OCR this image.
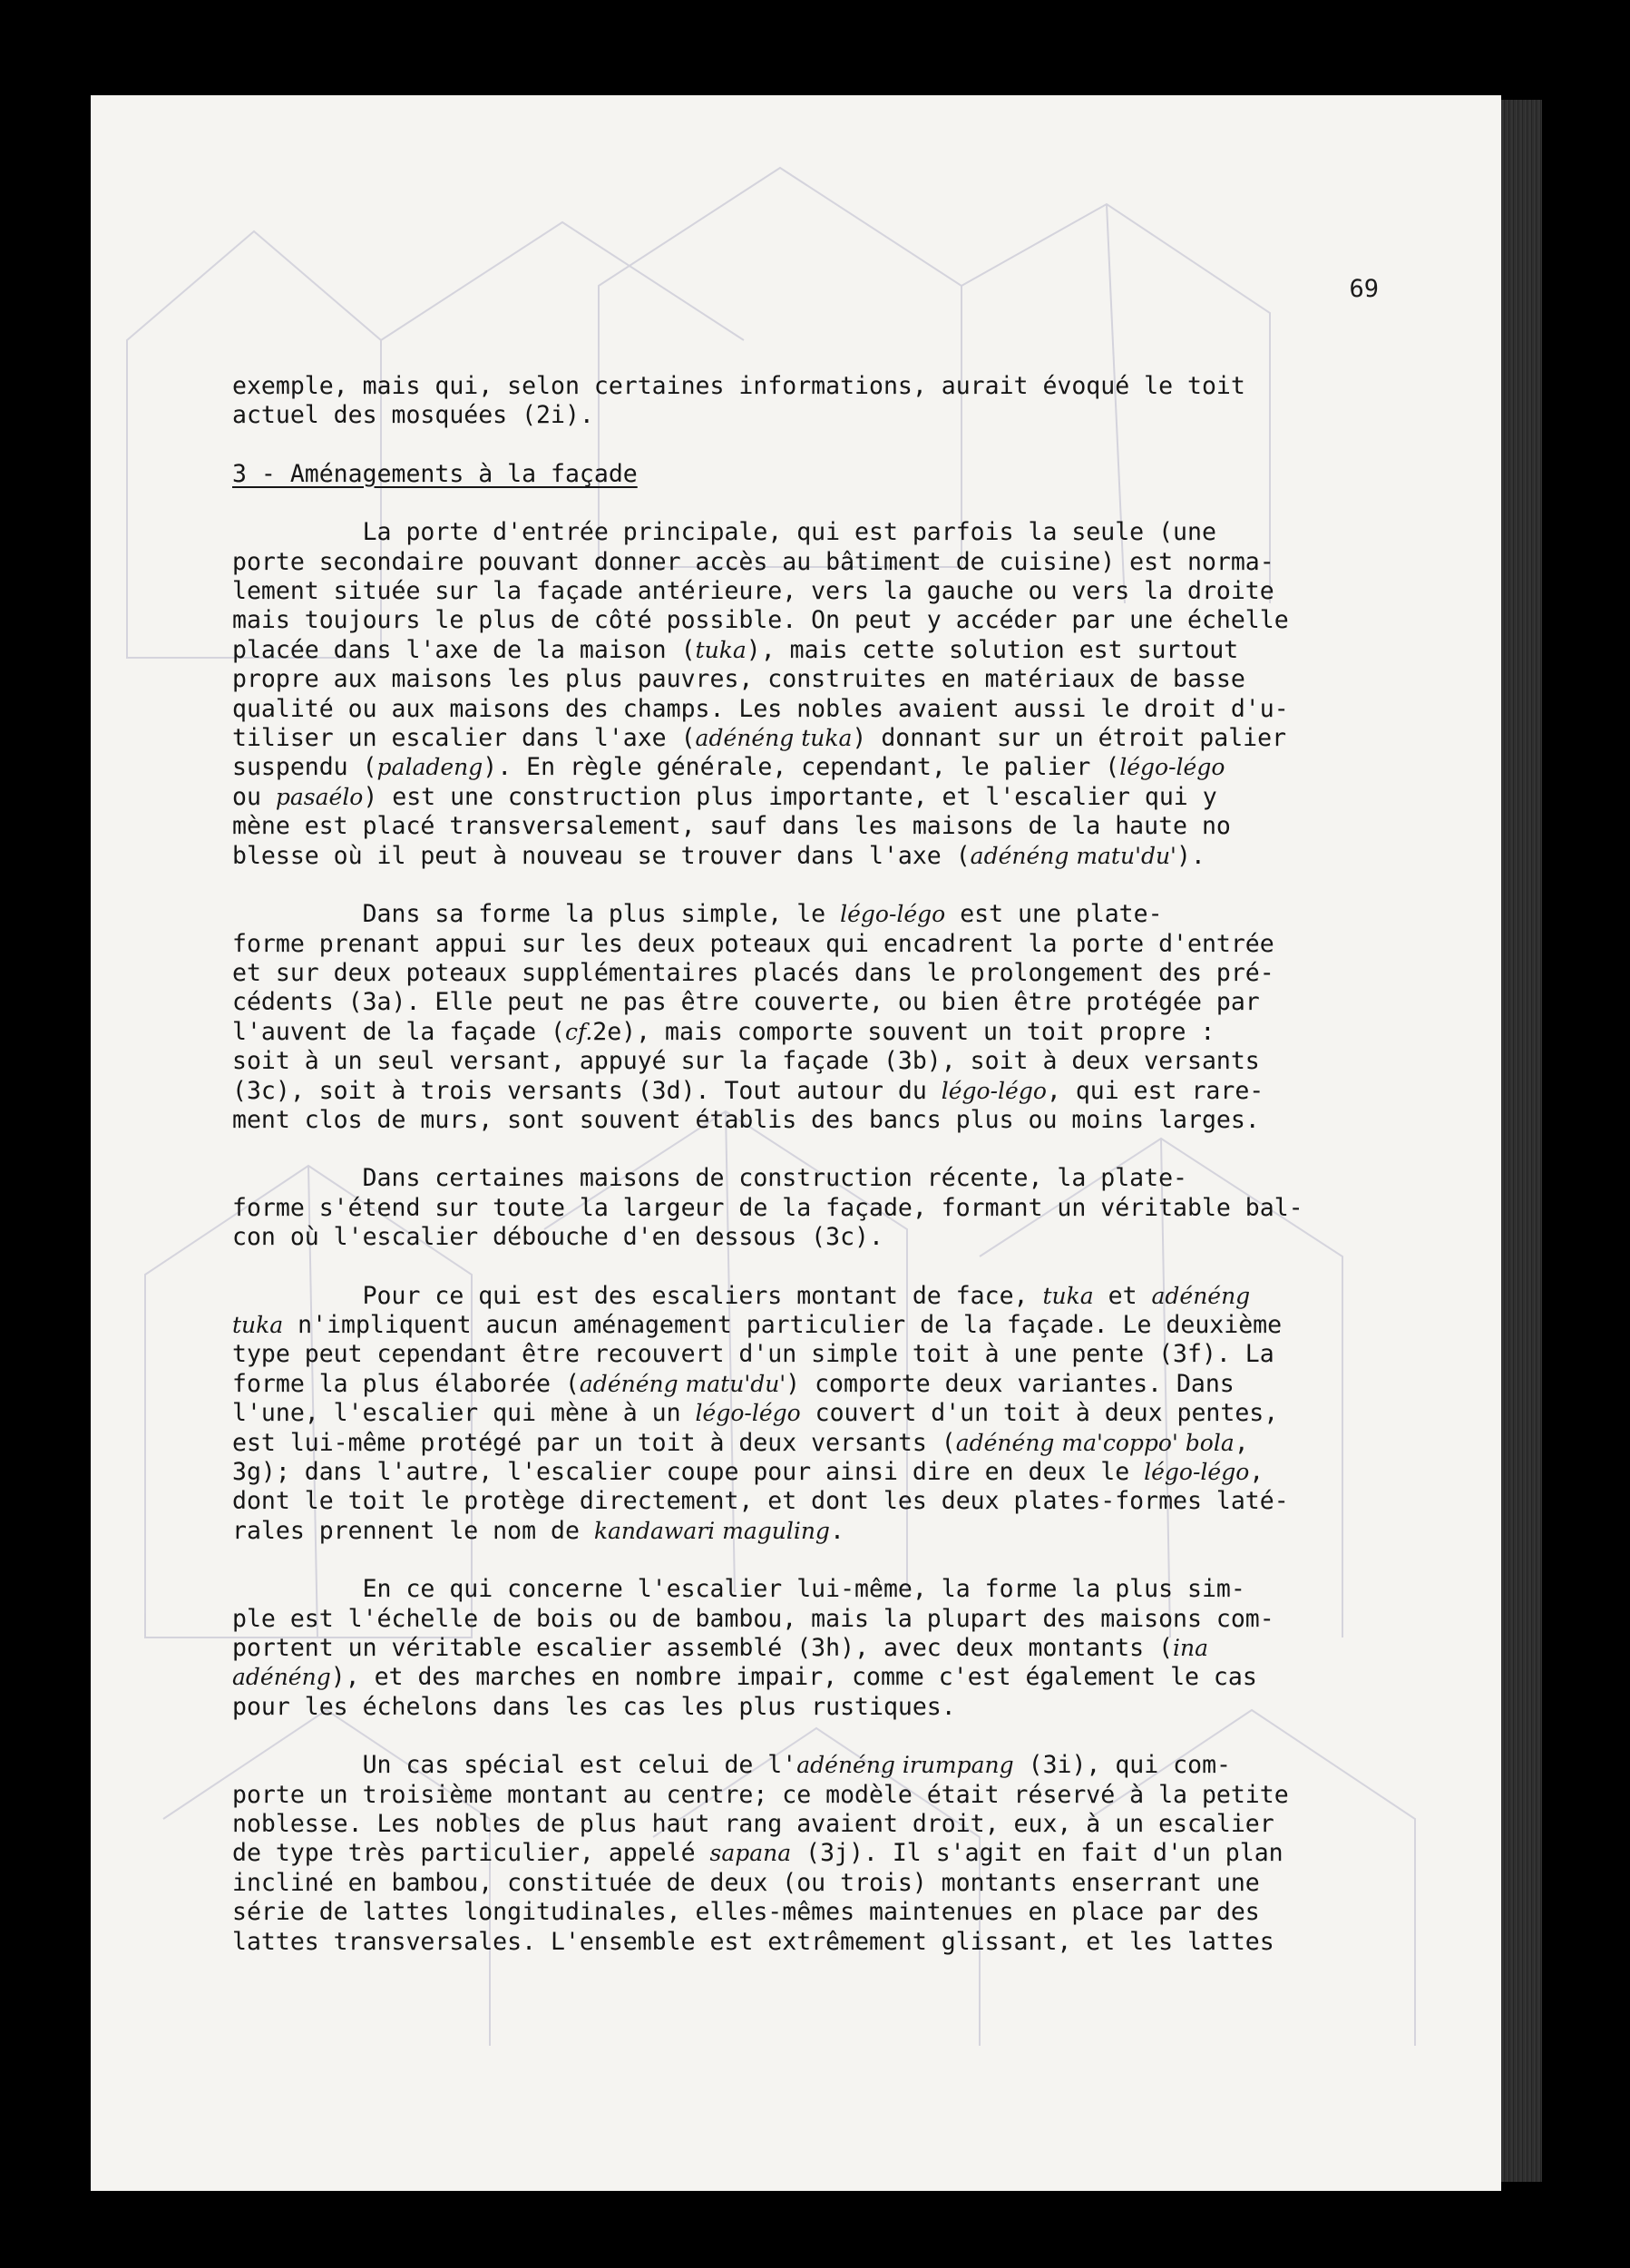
69

exemple, mais qui, selon certaines informations, aurait évoqué le toit

actuel des mosquées (2i).

3 - Aménagements à la façade

La porte d'entrée principale, qui est parfois la seule (une

porte secondaire pouvant donner accès au bâtiment de cuisine) est norma-

lement située sur la façade antérieure, vers la gauche ou vers la droite

mais toujours le plus de côté possible. On peut y accéder par une échelle

placée dans l'axe de la maison (tuka), mais cette solution est surtout

propre aux maisons les plus pauvres, construites en matériaux de basse

qualité ou aux maisons des champs. Les nobles avaient aussi le droit d'u-

tiliser un escalier dans l'axe (adénéng tuka) donnant sur un étroit palier

suspendu (paladeng). En règle générale, cependant, le palier (légo-légo

ou pasaélo) est une construction plus importante, et l'escalier qui y

mène est placé transversalement, sauf dans les maisons de la haute no

blesse où il peut à nouveau se trouver dans l'axe (adénéng matu'du').

Dans sa forme la plus simple, le légo-légo est une plate-

forme prenant appui sur les deux poteaux qui encadrent la porte d'entrée

et sur deux poteaux supplémentaires placés dans le prolongement des pré-

cédents (3a). Elle peut ne pas être couverte, ou bien être protégée par

l'auvent de la façade (cf.2e), mais comporte souvent un toit propre :

soit à un seul versant, appuyé sur la façade (3b), soit à deux versants

(3c), soit à trois versants (3d). Tout autour du légo-légo, qui est rare-

ment clos de murs, sont souvent établis des bancs plus ou moins larges.

Dans certaines maisons de construction récente, la plate-

forme s'étend sur toute la largeur de la façade, formant un véritable bal-

con où l'escalier débouche d'en dessous (3c).

Pour ce qui est des escaliers montant de face, tuka et adénéng

tuka n'impliquent aucun aménagement particulier de la façade. Le deuxième

type peut cependant être recouvert d'un simple toit à une pente (3f). La

forme la plus élaborée (adénéng matu'du') comporte deux variantes. Dans

l'une, l'escalier qui mène à un légo-légo couvert d'un toit à deux pentes,

est lui-même protégé par un toit à deux versants (adénéng ma'coppo' bola,

3g); dans l'autre, l'escalier coupe pour ainsi dire en deux le légo-légo,

dont le toit le protège directement, et dont les deux plates-formes laté-

rales prennent le nom de kandawari maguling.

En ce qui concerne l'escalier lui-même, la forme la plus sim-

ple est l'échelle de bois ou de bambou, mais la plupart des maisons com-

portent un véritable escalier assemblé (3h), avec deux montants (ina

adénéng), et des marches en nombre impair, comme c'est également le cas

pour les échelons dans les cas les plus rustiques.

Un cas spécial est celui de l'adénéng irumpang (3i), qui com-

porte un troisième montant au centre; ce modèle était réservé à la petite

noblesse. Les nobles de plus haut rang avaient droit, eux, à un escalier

de type très particulier, appelé sapana (3j). Il s'agit en fait d'un plan

incliné en bambou, constituée de deux (ou trois) montants enserrant une

série de lattes longitudinales, elles-mêmes maintenues en place par des

lattes transversales. L'ensemble est extrêmement glissant, et les lattes
